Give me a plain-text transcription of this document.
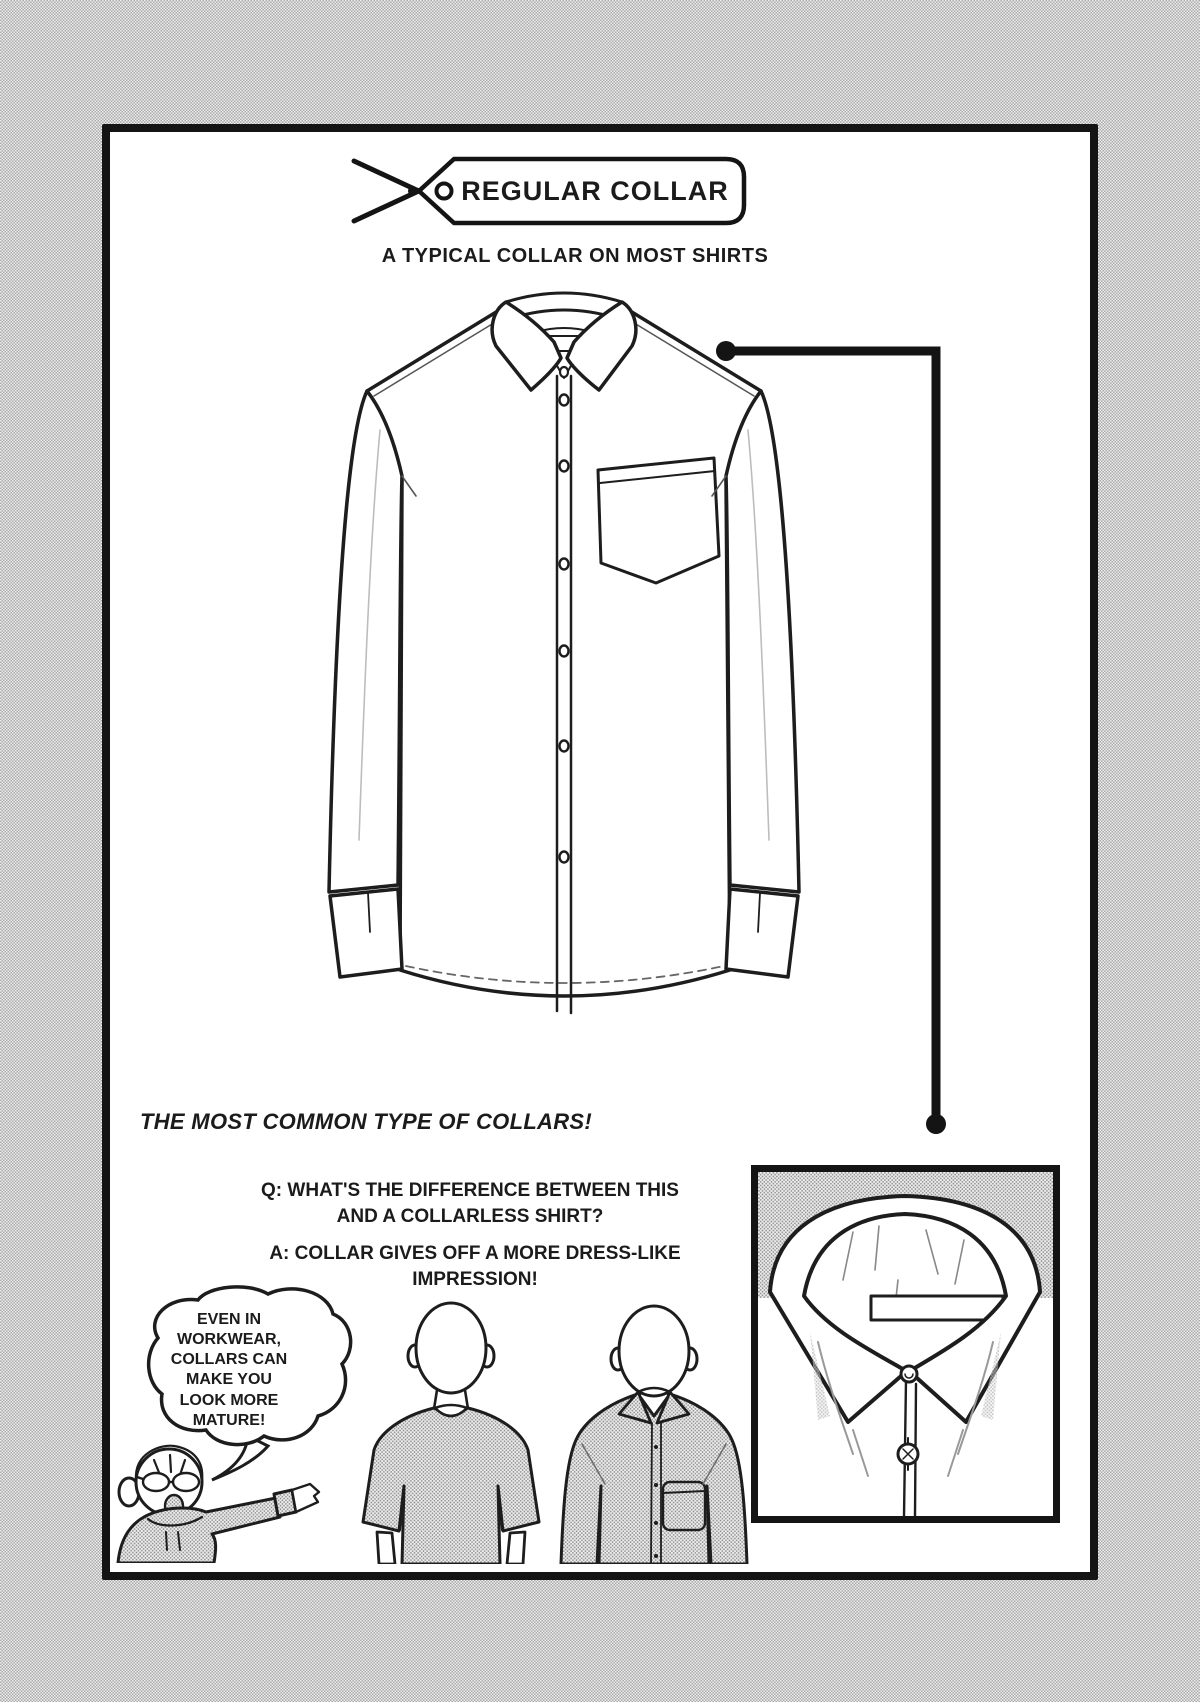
REGULAR COLLAR
A TYPICAL COLLAR ON MOST SHIRTS
THE MOST COMMON TYPE OF COLLARS!
Q: WHAT'S THE DIFFERENCE BETWEEN THIS AND A COLLARLESS SHIRT?
A: COLLAR GIVES OFF A MORE DRESS-LIKE IMPRESSION!
EVEN IN WORKWEAR, COLLARS CAN MAKE YOU LOOK MORE MATURE!
